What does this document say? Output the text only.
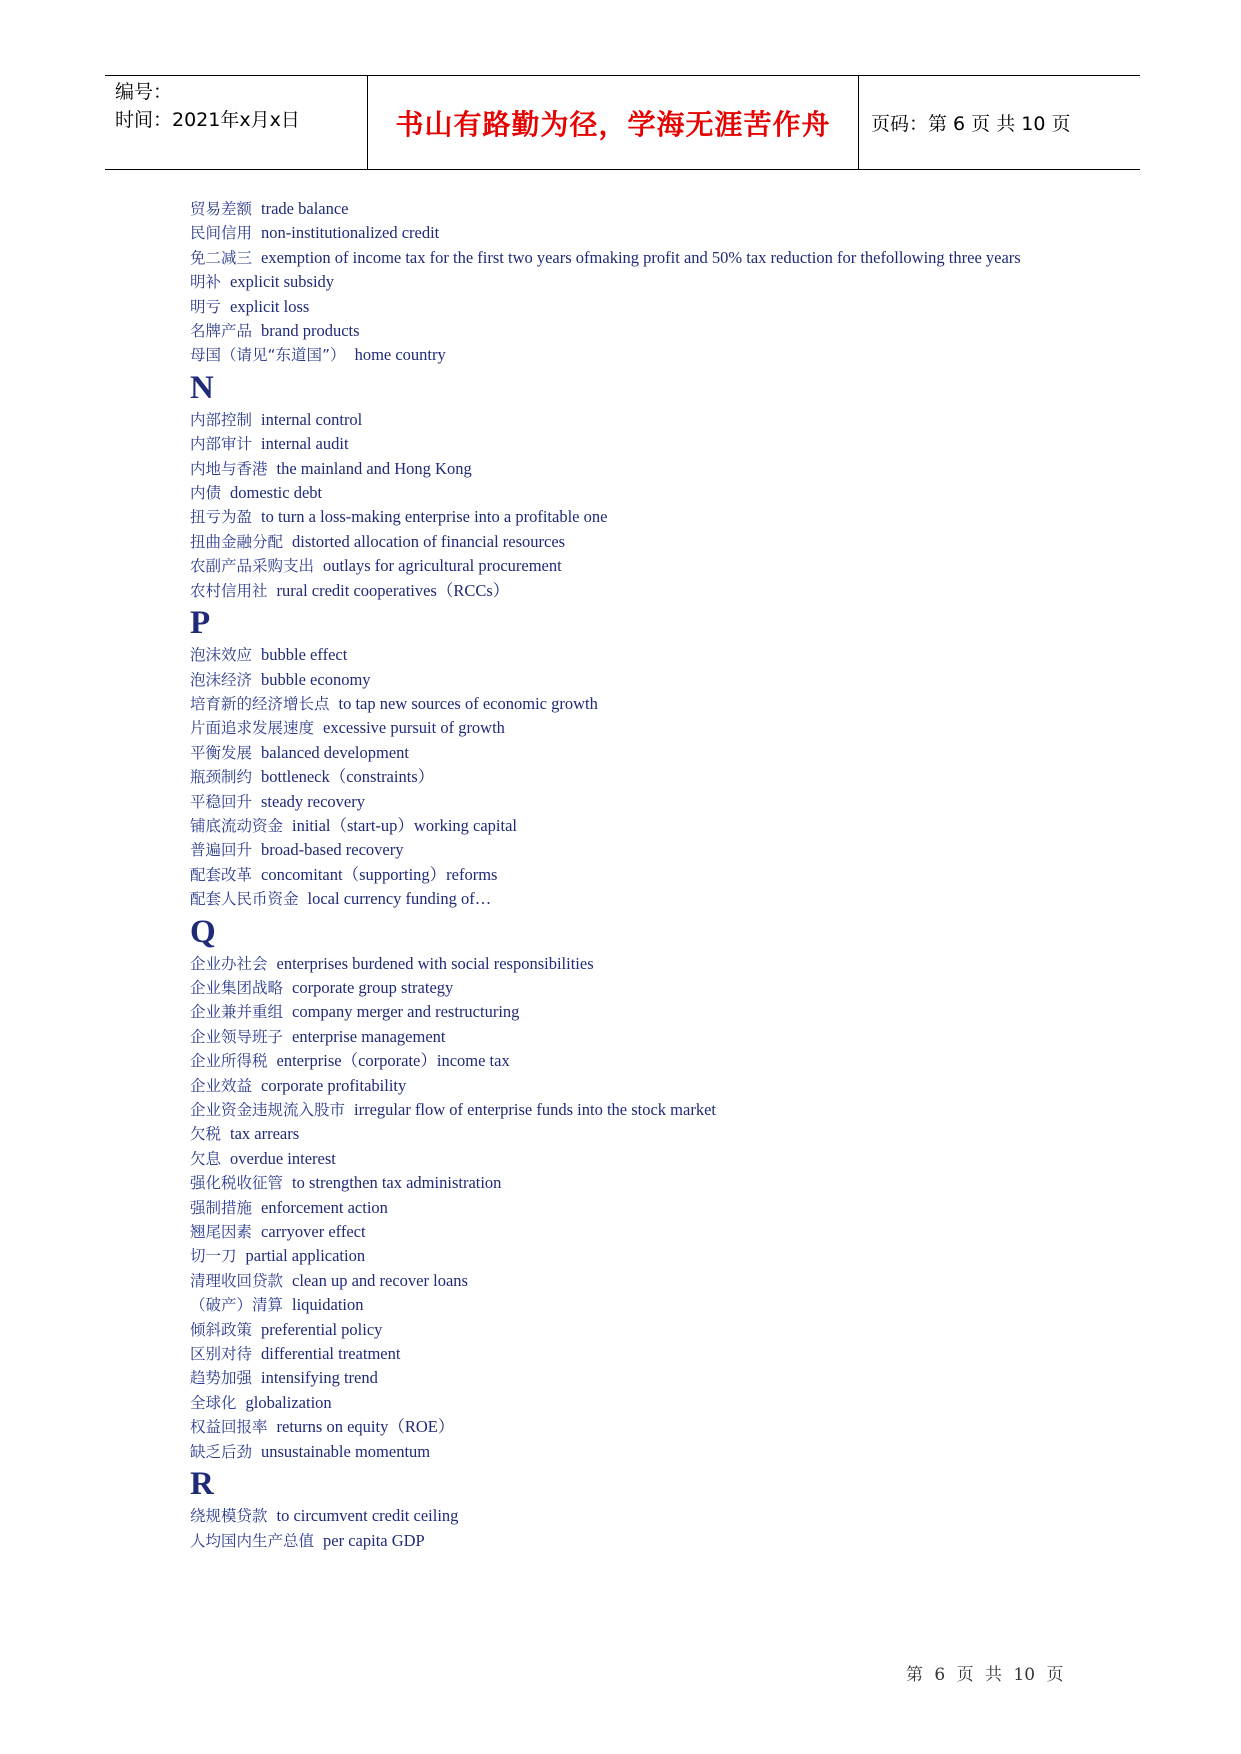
编号：
时间：2021年x月x日	书山有路勤为径，学海无涯苦作舟	页码：第 6 页 共 10 页
贸易差额 trade balance
民间信用 non-institutionalized credit
免二减三 exemption of income tax for the first two years ofmaking profit and 50% tax reduction for thefollowing three years
明补 explicit subsidy
明亏 explicit loss
名牌产品 brand products
母国（请见“东道国”） home country
N
内部控制 internal control
内部审计 internal audit
内地与香港 the mainland and Hong Kong
内债 domestic debt
扭亏为盈 to turn a loss-making enterprise into a profitable one
扭曲金融分配 distorted allocation of financial resources
农副产品采购支出 outlays for agricultural procurement
农村信用社 rural credit cooperatives（RCCs）
P
泡沫效应 bubble effect
泡沫经济 bubble economy
培育新的经济增长点 to tap new sources of economic growth
片面追求发展速度 excessive pursuit of growth
平衡发展 balanced development
瓶颈制约 bottleneck（constraints）
平稳回升 steady recovery
铺底流动资金 initial（start-up）working capital
普遍回升 broad-based recovery
配套改革 concomitant（supporting）reforms
配套人民币资金 local currency funding of…
Q
企业办社会 enterprises burdened with social responsibilities
企业集团战略 corporate group strategy
企业兼并重组 company merger and restructuring
企业领导班子 enterprise management
企业所得税 enterprise（corporate）income tax
企业效益 corporate profitability
企业资金违规流入股市 irregular flow of enterprise funds into the stock market
欠税 tax arrears
欠息 overdue interest
强化税收征管 to strengthen tax administration
强制措施 enforcement action
翘尾因素 carryover effect
切一刀 partial application
清理收回贷款 clean up and recover loans
（破产）清算 liquidation
倾斜政策 preferential policy
区别对待 differential treatment
趋势加强 intensifying trend
全球化 globalization
权益回报率 returns on equity（ROE）
缺乏后劲 unsustainable momentum
R
绕规模贷款 to circumvent credit ceiling
人均国内生产总值 per capita GDP
第 6 页 共 10 页
